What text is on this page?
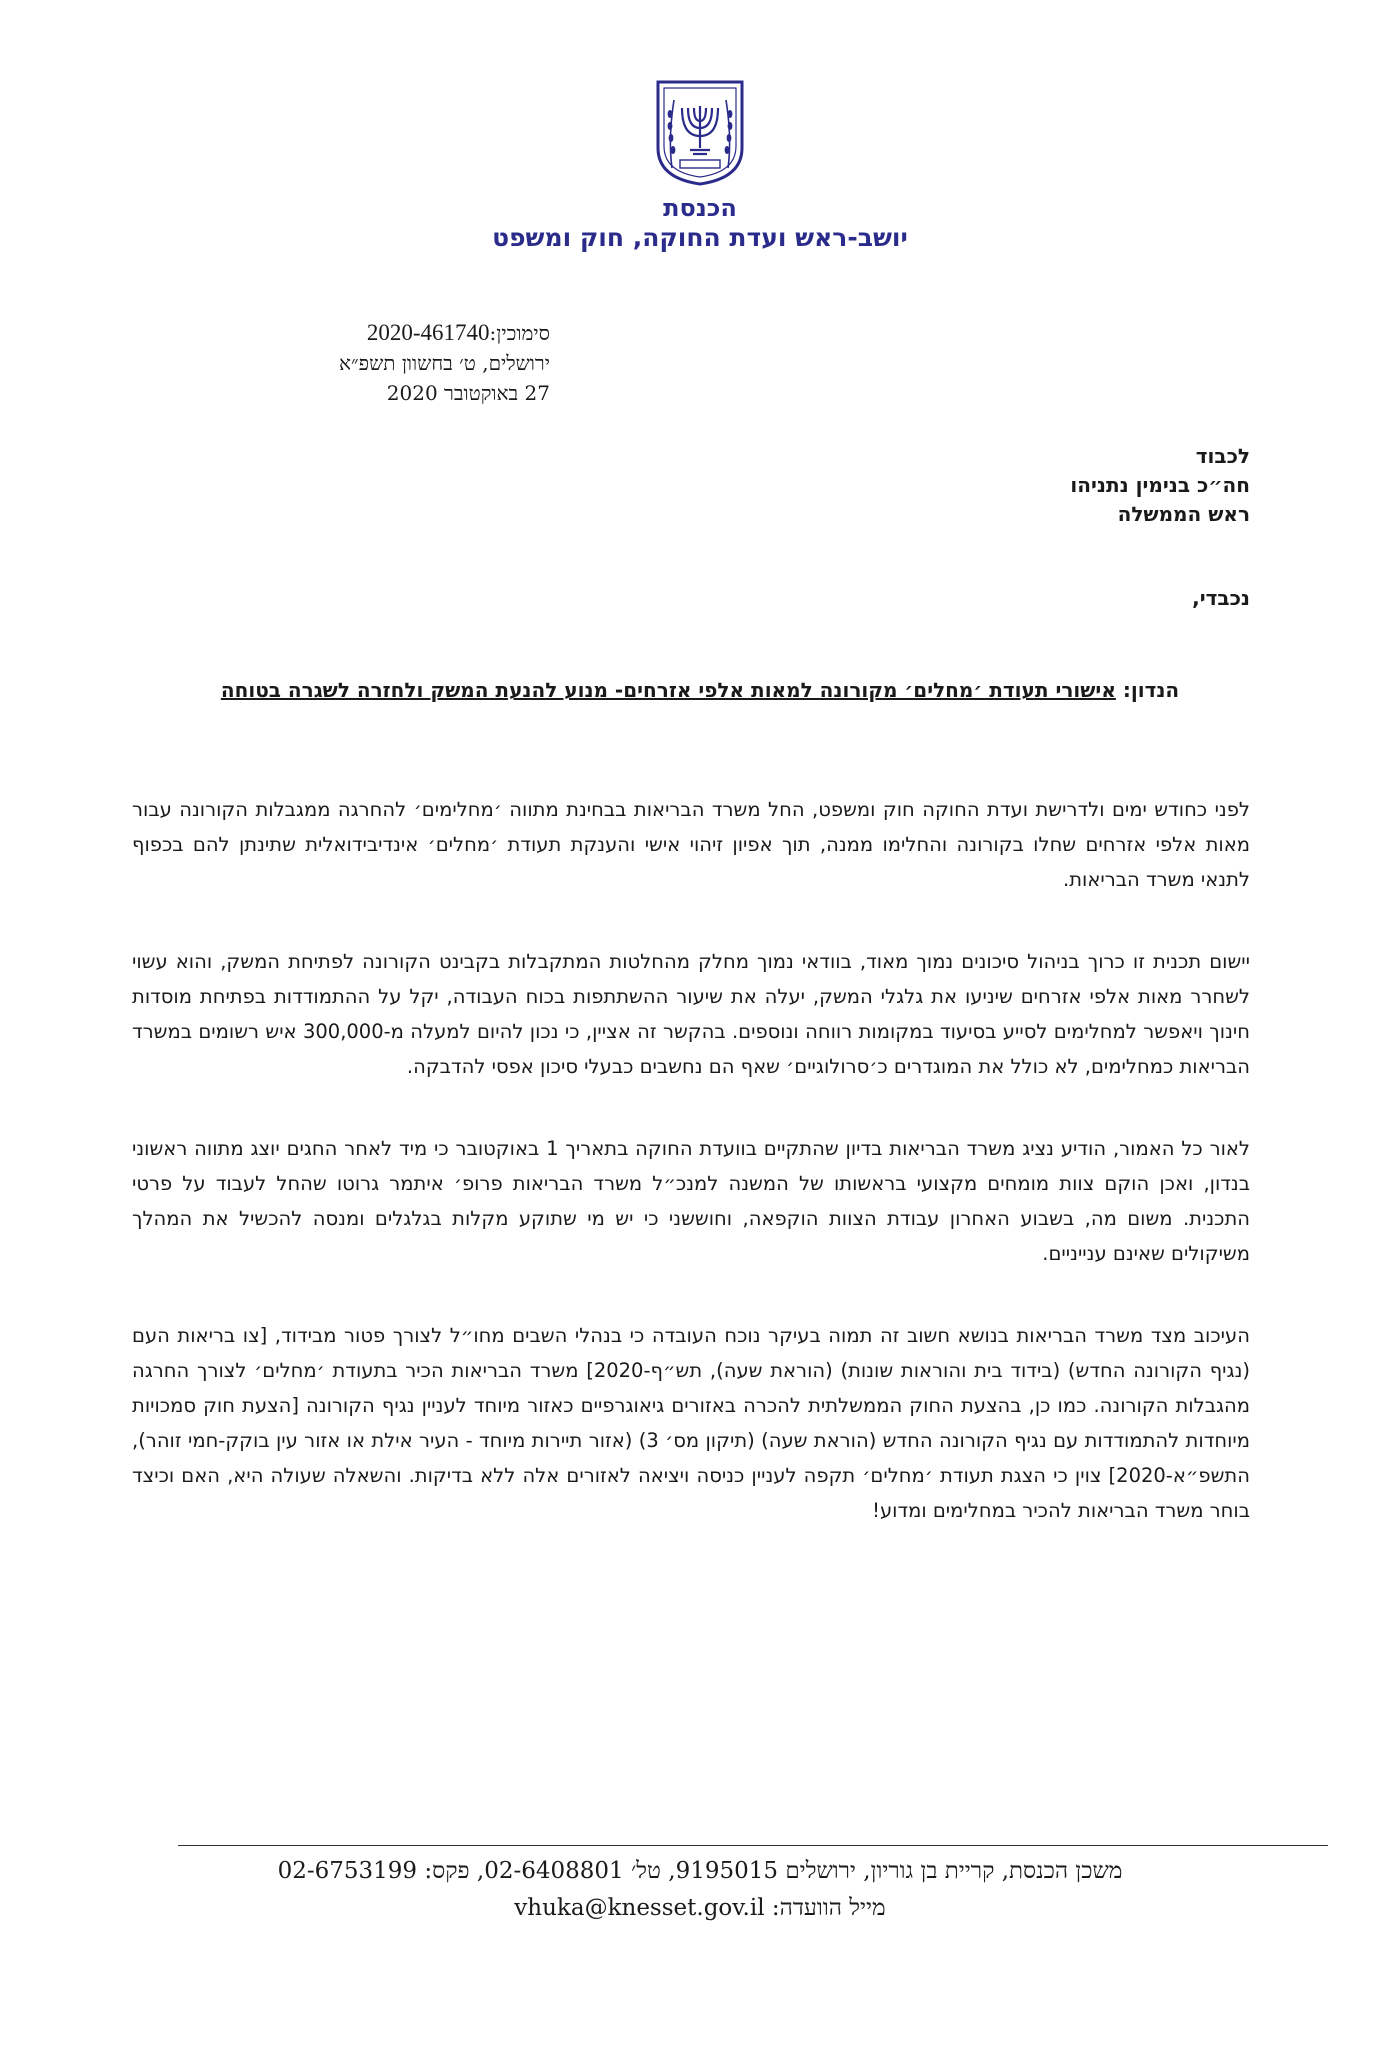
הכנסת
יושב-ראש ועדת החוקה, חוק ומשפט
סימוכין:2020-461740
ירושלים, ט׳ בחשוון תשפ״א
27 באוקטובר 2020
לכבוד
חה״כ בנימין נתניהו
ראש הממשלה
נכבדי,
הנדון: אישורי תעודת ׳מחלים׳ מקורונה למאות אלפי אזרחים- מנוע להנעת המשק ולחזרה לשגרה בטוחה

לפני כחודש ימים ולדרישת ועדת החוקה חוק ומשפט, החל משרד הבריאות בבחינת מתווה ׳מחלימים׳ להחרגה ממגבלות הקורונה עבור מאות אלפי אזרחים שחלו בקורונה והחלימו ממנה, תוך אפיון זיהוי אישי והענקת תעודת ׳מחלים׳ אינדיבידואלית שתינתן להם בכפוף לתנאי משרד הבריאות.

יישום תכנית זו כרוך בניהול סיכונים נמוך מאוד, בוודאי נמוך מחלק מהחלטות המתקבלות בקבינט הקורונה לפתיחת המשק, והוא עשוי לשחרר מאות אלפי אזרחים שיניעו את גלגלי המשק, יעלה את שיעור ההשתתפות בכוח העבודה, יקל על ההתמודדות בפתיחת מוסדות חינוך ויאפשר למחלימים לסייע בסיעוד במקומות רווחה ונוספים. בהקשר זה אציין, כי נכון להיום למעלה מ-300,000 איש רשומים במשרד הבריאות כמחלימים, לא כולל את המוגדרים כ׳סרולוגיים׳ שאף הם נחשבים כבעלי סיכון אפסי להדבקה.

לאור כל האמור, הודיע נציג משרד הבריאות בדיון שהתקיים בוועדת החוקה בתאריך 1 באוקטובר כי מיד לאחר החגים יוצג מתווה ראשוני בנדון, ואכן הוקם צוות מומחים מקצועי בראשותו של המשנה למנכ״ל משרד הבריאות פרופ׳ איתמר גרוטו שהחל לעבוד על פרטי התכנית. משום מה, בשבוע האחרון עבודת הצוות הוקפאה, וחוששני כי יש מי שתוקע מקלות בגלגלים ומנסה להכשיל את המהלך משיקולים שאינם ענייניים.

העיכוב מצד משרד הבריאות בנושא חשוב זה תמוה בעיקר נוכח העובדה כי בנהלי השבים מחו״ל לצורך פטור מבידוד, [צו בריאות העם (נגיף הקורונה החדש) (בידוד בית והוראות שונות) (הוראת שעה), תש״ף-2020] משרד הבריאות הכיר בתעודת ׳מחלים׳ לצורך החרגה מהגבלות הקורונה. כמו כן, בהצעת החוק הממשלתית להכרה באזורים גיאוגרפיים כאזור מיוחד לעניין נגיף הקורונה [הצעת חוק סמכויות מיוחדות להתמודדות עם נגיף הקורונה החדש (הוראת שעה) (תיקון מס׳ 3) (אזור תיירות מיוחד - העיר אילת או אזור עין בוקק-חמי זוהר), התשפ״א-2020] צוין כי הצגת תעודת ׳מחלים׳ תקפה לעניין כניסה ויציאה לאזורים אלה ללא בדיקות. והשאלה שעולה היא, האם וכיצד בוחר משרד הבריאות להכיר במחלימים ומדוע!

משכן הכנסת, קריית בן גוריון, ירושלים 9195015, טל׳ 02-6408801, פקס: 02-6753199
מייל הוועדה: vhuka@knesset.gov.il
